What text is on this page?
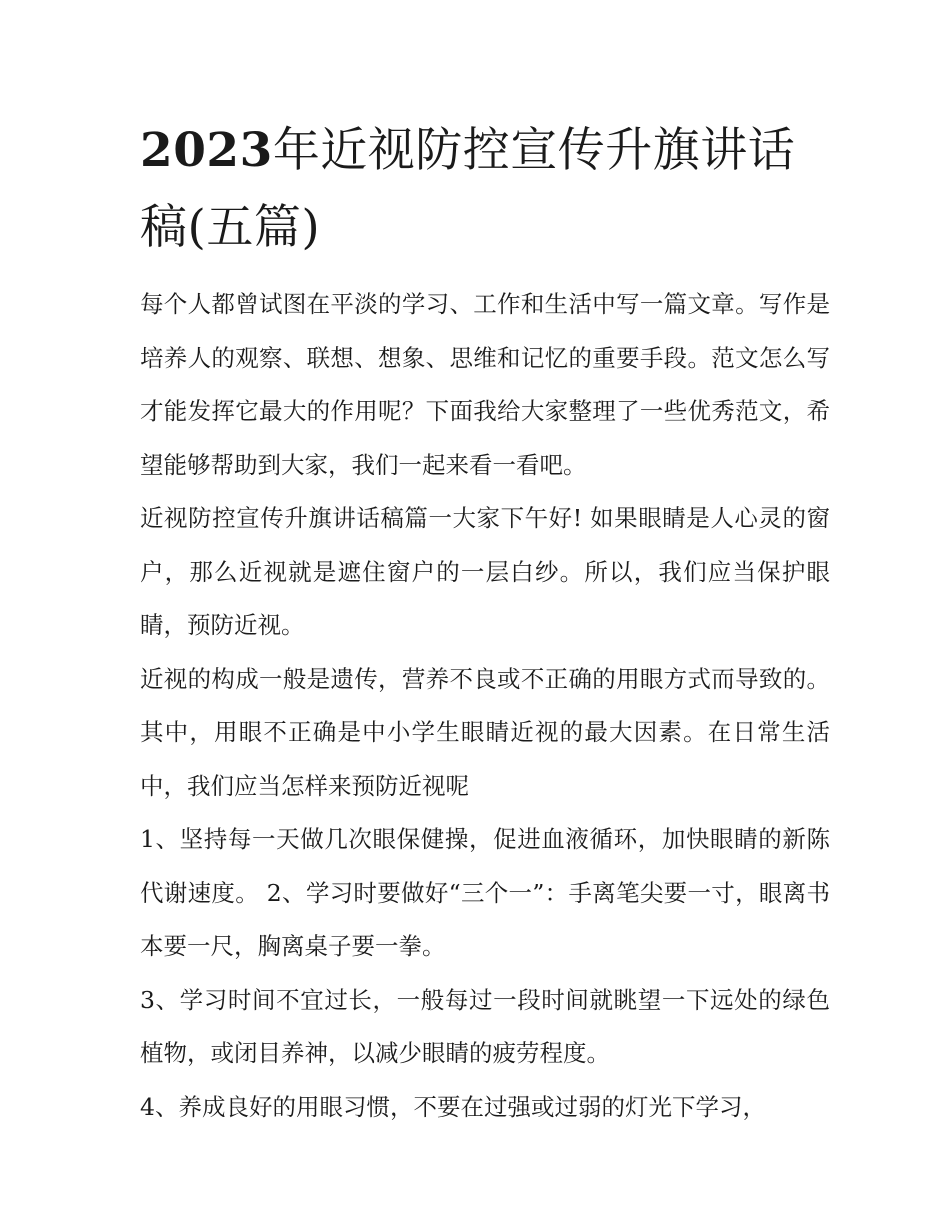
2023年近视防控宣传升旗讲话稿(五篇)

每个人都曾试图在平淡的学习、工作和生活中写一篇文章。写作是培养人的观察、联想、想象、思维和记忆的重要手段。范文怎么写才能发挥它最大的作用呢？下面我给大家整理了一些优秀范文，希望能够帮助到大家，我们一起来看一看吧。

近视防控宣传升旗讲话稿篇一大家下午好! 如果眼睛是人心灵的窗户，那么近视就是遮住窗户的一层白纱。所以，我们应当保护眼睛，预防近视。

近视的构成一般是遗传，营养不良或不正确的用眼方式而导致的。其中，用眼不正确是中小学生眼睛近视的最大因素。在日常生活中，我们应当怎样来预防近视呢

1、坚持每一天做几次眼保健操，促进血液循环，加快眼睛的新陈代谢速度。 2、学习时要做好“三个一”：手离笔尖要一寸，眼离书本要一尺，胸离桌子要一拳。

3、学习时间不宜过长，一般每过一段时间就眺望一下远处的绿色植物，或闭目养神，以减少眼睛的疲劳程度。

4、养成良好的用眼习惯，不要在过强或过弱的灯光下学习，
